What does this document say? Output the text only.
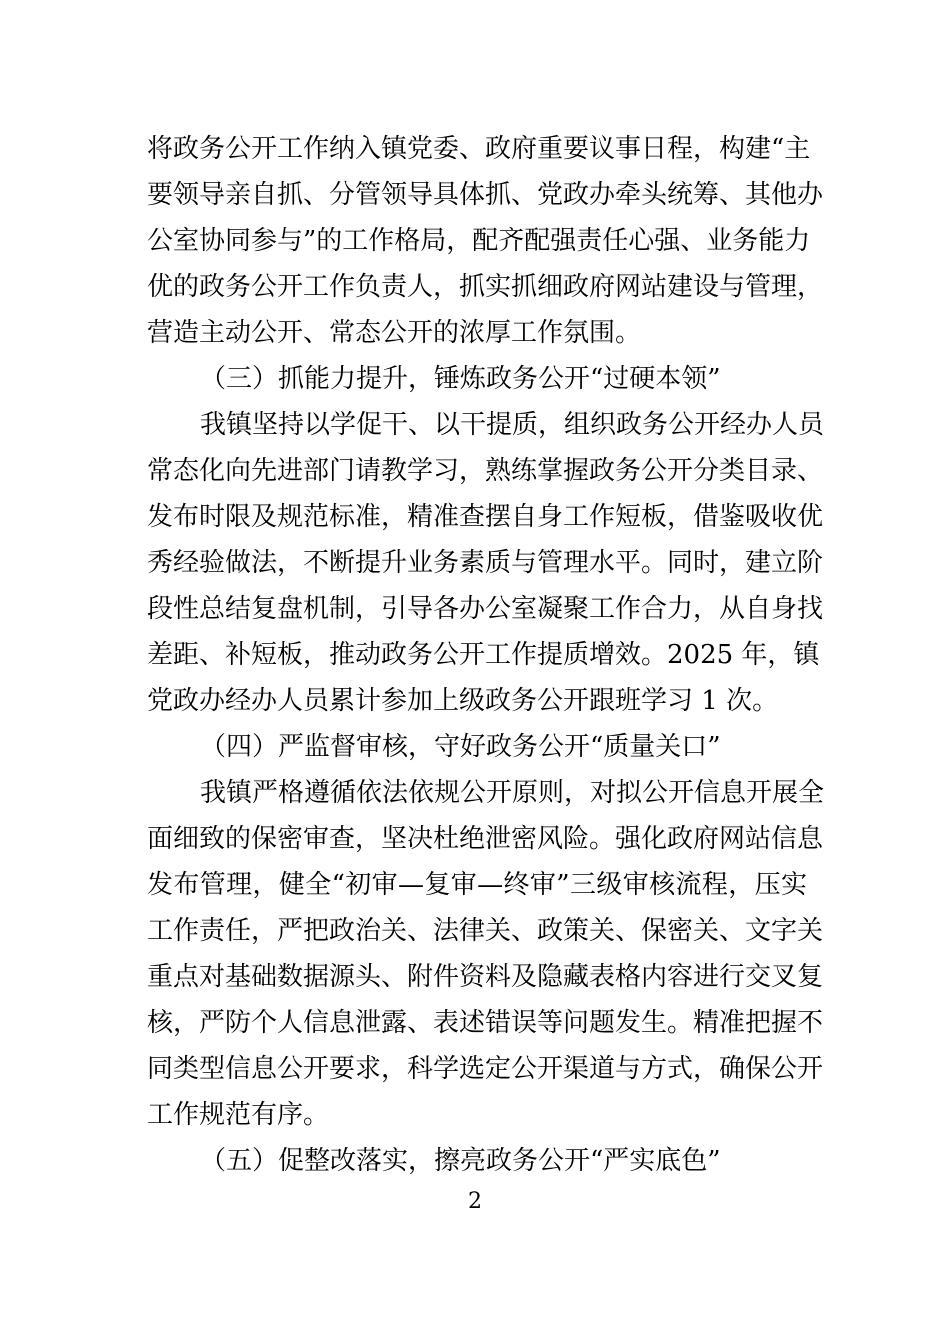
将政务公开工作纳入镇党委、政府重要议事日程，构建“主
要领导亲自抓、分管领导具体抓、党政办牵头统筹、其他办
公室协同参与”的工作格局，配齐配强责任心强、业务能力
优的政务公开工作负责人，抓实抓细政府网站建设与管理，
营造主动公开、常态公开的浓厚工作氛围。
（三）抓能力提升，锤炼政务公开“过硬本领”
我镇坚持以学促干、以干提质，组织政务公开经办人员
常态化向先进部门请教学习，熟练掌握政务公开分类目录、
发布时限及规范标准，精准查摆自身工作短板，借鉴吸收优
秀经验做法，不断提升业务素质与管理水平。同时，建立阶
段性总结复盘机制，引导各办公室凝聚工作合力，从自身找
差距、补短板，推动政务公开工作提质增效。2025 年，镇
党政办经办人员累计参加上级政务公开跟班学习 1 次。
（四）严监督审核，守好政务公开“质量关口”
我镇严格遵循依法依规公开原则，对拟公开信息开展全
面细致的保密审查，坚决杜绝泄密风险。强化政府网站信息
发布管理，健全“初审—复审—终审”三级审核流程，压实
工作责任，严把政治关、法律关、政策关、保密关、文字关
重点对基础数据源头、附件资料及隐藏表格内容进行交叉复
核，严防个人信息泄露、表述错误等问题发生。精准把握不
同类型信息公开要求，科学选定公开渠道与方式，确保公开
工作规范有序。
（五）促整改落实，擦亮政务公开“严实底色”
2
